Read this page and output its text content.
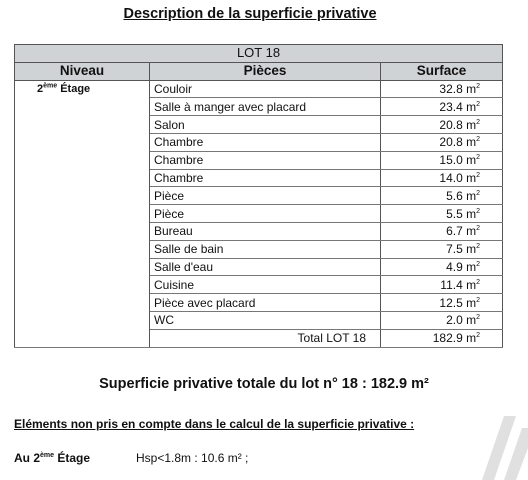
Description de la superficie privative
LOT 18		
Niveau	Pièces	Surface
2ème Étage	Couloir	32.8 $m^2$
	Salle à manger avec placard	23.4 $m^2$
	Salon	20.8 $m^2$
	Chambre	20.8 $m^2$
	Chambre	15.0 $m^2$
	Chambre	14.0 $m^2$
	Pièce	5.6 $m^2$
	Pièce	5.5 $m^2$
	Bureau	6.7 $m^2$
	Salle de bain	7.5 $m^2$
	Salle d'eau	4.9 $m^2$
	Cuisine	11.4 $m^2$
	Pièce avec placard	12.5 $m^2$
	WC	2.0 $m^2$
	Total LOT 18	182.9 $m^2$
Superficie privative totale du lot n° 18 : 182.9 m²
Eléments non pris en compte dans le calcul de la superficie privative :
Au 2ème Étage	Hsp<1.8m : 10.6 m² ;
